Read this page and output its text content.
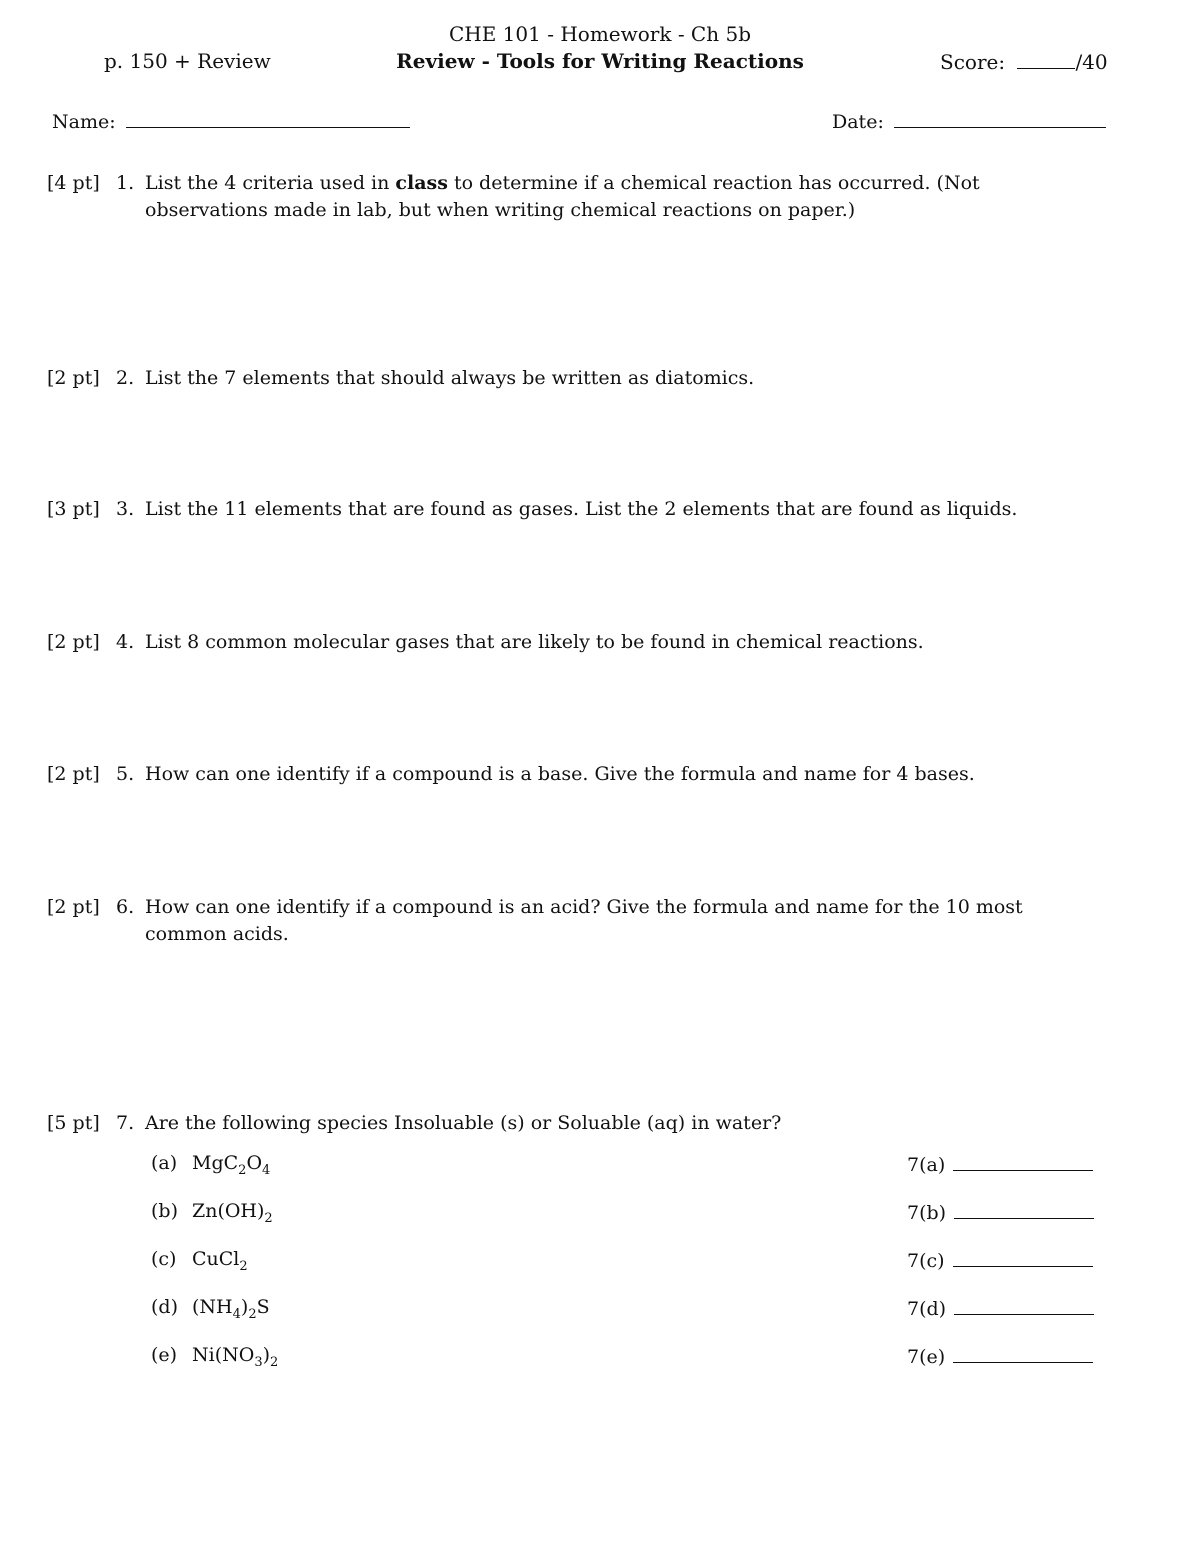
CHE 101 - Homework - Ch 5b
p. 150 + Review	Review - Tools for Writing Reactions	Score:	/40
Name:	Date:
[4 pt] 1. List the 4 criteria used in class to determine if a chemical reaction has occurred. (Not observations made in lab, but when writing chemical reactions on paper.)
[2 pt] 2. List the 7 elements that should always be written as diatomics.
[3 pt] 3. List the 11 elements that are found as gases. List the 2 elements that are found as liquids.
[2 pt] 4. List 8 common molecular gases that are likely to be found in chemical reactions.
[2 pt] 5. How can one identify if a compound is a base. Give the formula and name for 4 bases.
[2 pt] 6. How can one identify if a compound is an acid? Give the formula and name for the 10 most common acids.
[5 pt] 7. Are the following species Insoluable (s) or Soluable (aq) in water?
(a) $MgC_2O_4$	7(a)
(b) $Zn(OH)_2$	7(b)
(c) CuCl$_2$	7(c)
(d) $(NH_4)_2S$	7(d)
(e) $Ni(NO_3)_2$	7(e)
